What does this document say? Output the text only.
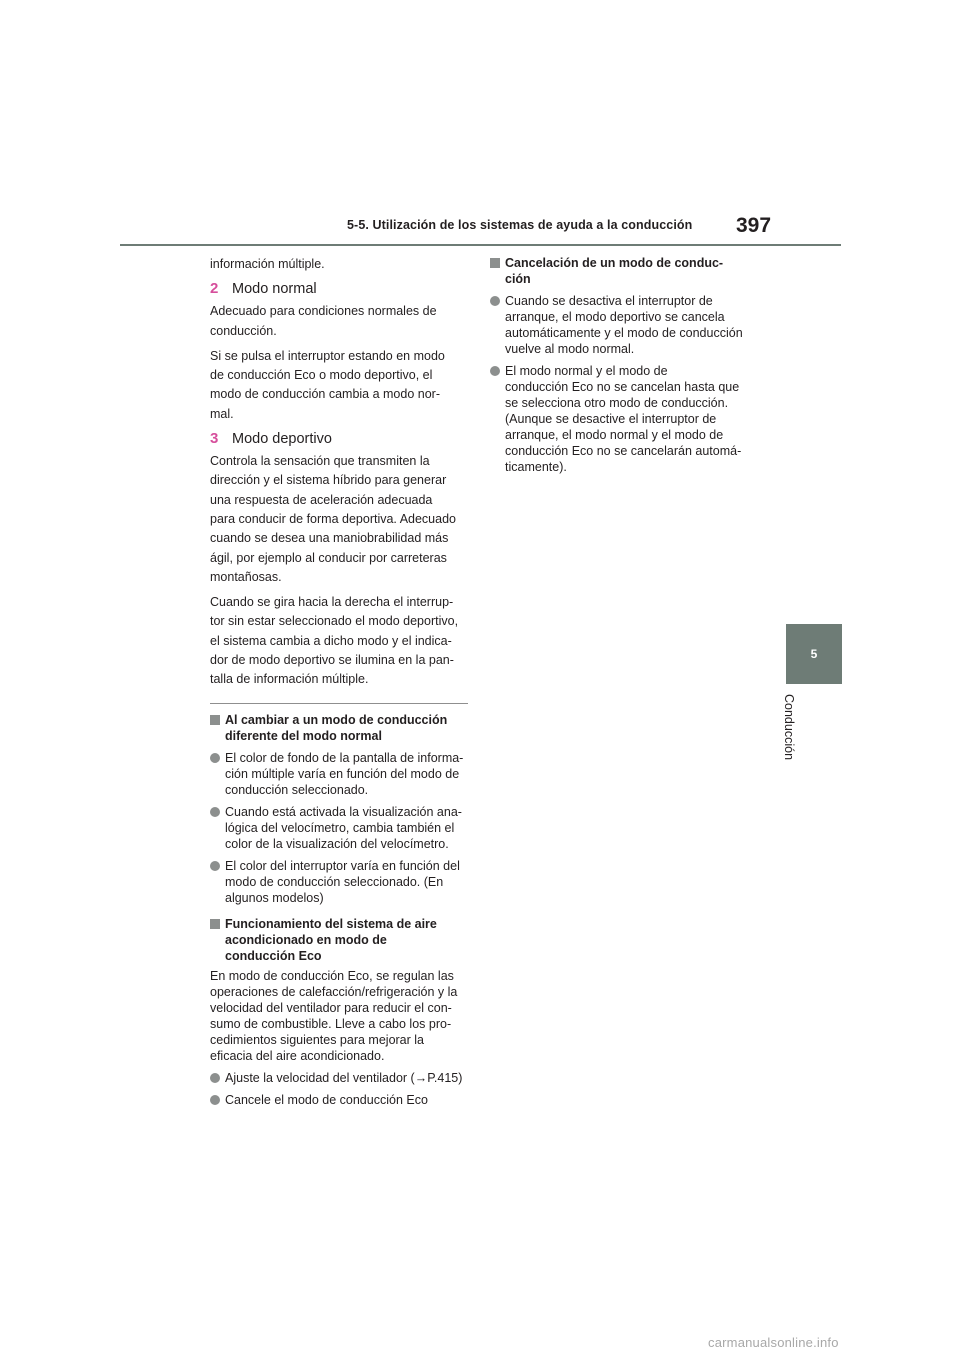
5-5. Utilización de los sistemas de ayuda a la conducción 397
5
Conducción

información múltiple.

2 Modo normal

Adecuado para condiciones normales de
conducción.

Si se pulsa el interruptor estando en modo
de conducción Eco o modo deportivo, el
modo de conducción cambia a modo nor-
mal.

3 Modo deportivo

Controla la sensación que transmiten la
dirección y el sistema híbrido para generar
una respuesta de aceleración adecuada
para conducir de forma deportiva. Adecuado
cuando se desea una maniobrabilidad más
ágil, por ejemplo al conducir por carreteras
montañosas.

Cuando se gira hacia la derecha el interrup-
tor sin estar seleccionado el modo deportivo,
el sistema cambia a dicho modo y el indica-
dor de modo deportivo se ilumina en la pan-
talla de información múltiple.

Al cambiar a un modo de conducción
diferente del modo normal
El color de fondo de la pantalla de informa-
ción múltiple varía en función del modo de
conducción seleccionado.
Cuando está activada la visualización ana-
lógica del velocímetro, cambia también el
color de la visualización del velocímetro.
El color del interruptor varía en función del
modo de conducción seleccionado. (En
algunos modelos)
Funcionamiento del sistema de aire
acondicionado en modo de
conducción Eco

En modo de conducción Eco, se regulan las
operaciones de calefacción/refrigeración y la
velocidad del ventilador para reducir el con-
sumo de combustible. Lleve a cabo los pro-
cedimientos siguientes para mejorar la
eficacia del aire acondicionado.

Ajuste la velocidad del ventilador (→P.415)
Cancele el modo de conducción Eco
Cancelación de un modo de conduc-
ción
Cuando se desactiva el interruptor de
arranque, el modo deportivo se cancela
automáticamente y el modo de conducción
vuelve al modo normal.
El modo normal y el modo de
conducción Eco no se cancelan hasta que
se selecciona otro modo de conducción.
(Aunque se desactive el interruptor de
arranque, el modo normal y el modo de
conducción Eco no se cancelarán automá-
ticamente).
carmanualsonline.info
